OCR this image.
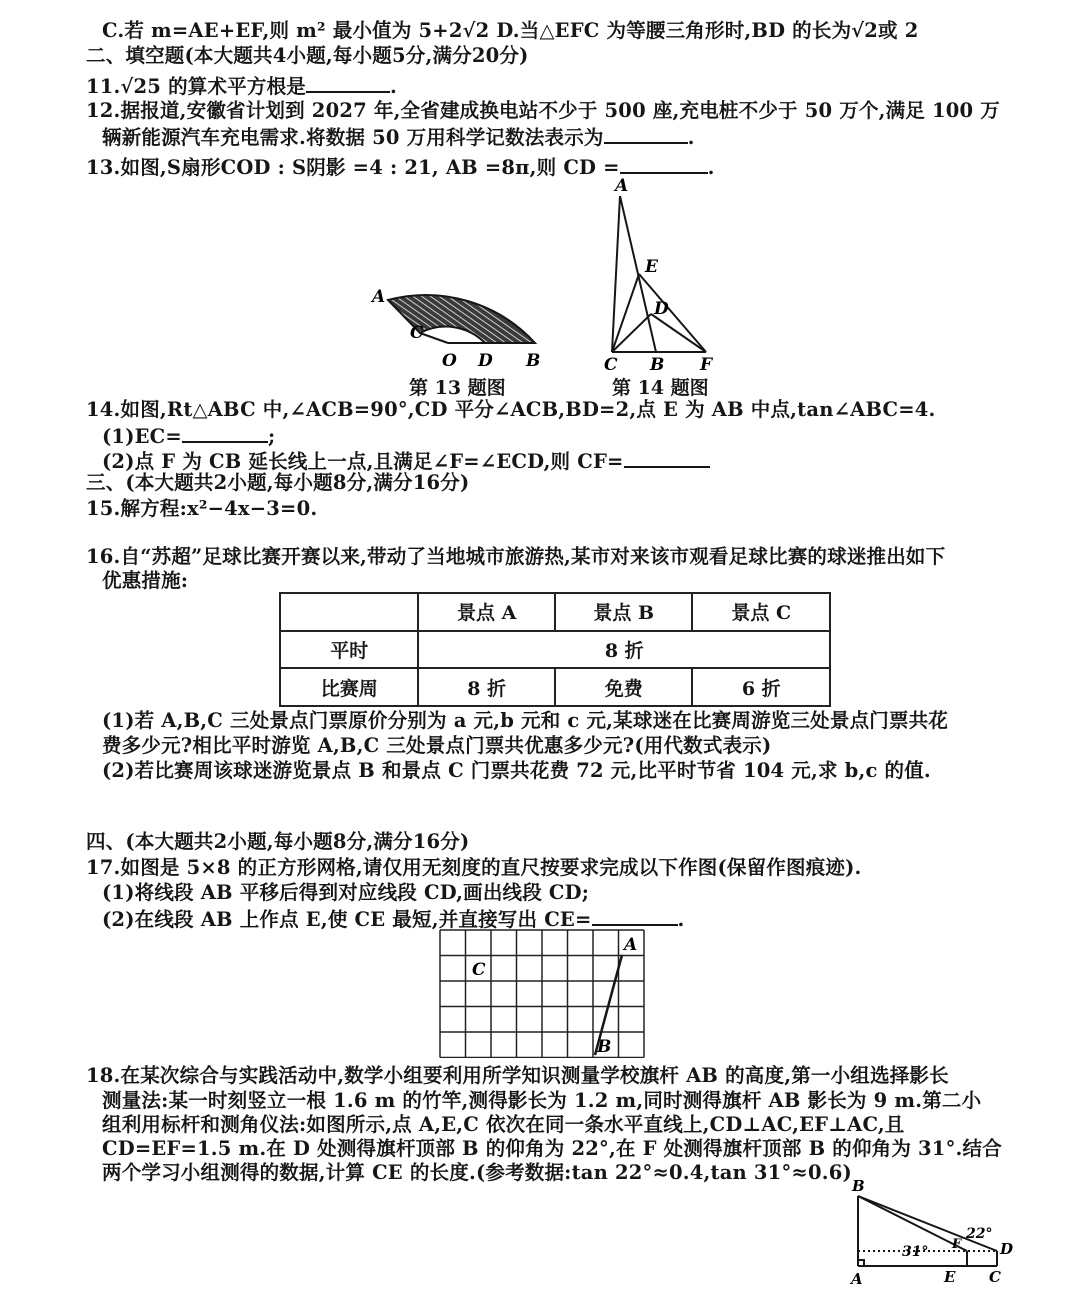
C.若 m=AE+EF,则 m² 最小值为 5+2√2 D.当△EFC 为等腰三角形时,BD 的长为√2或 2
二、填空题(本大题共4小题,每小题5分,满分20分)
11.√25 的算术平方根是	.
12.据报道,安徽省计划到 2027 年,全省建成换电站不少于 500 座,充电桩不少于 50 万个,满足 100 万
辆新能源汽车充电需求.将数据 50 万用科学记数法表示为	.
13.如图,S扇形COD : S阴影 =4 : 21, AB =8π,则 CD =	.
A
C
O D B
第 13 题图
A
E
D
C B F
第 14 题图
14.如图,Rt△ABC 中,∠ACB=90°,CD 平分∠ACB,BD=2,点 E 为 AB 中点,tan∠ABC=4.
(1)EC=	;
(2)点 F 为 CB 延长线上一点,且满足∠F=∠ECD,则 CF=
三、(本大题共2小题,每小题8分,满分16分)
15.解方程:x²−4x−3=0.
16.自“苏超”足球比赛开赛以来,带动了当地城市旅游热,某市对来该市观看足球比赛的球迷推出如下
优惠措施:
	景点 A	景点 B	景点 C
平时	8 折		
比赛周	8 折	免费	6 折
(1)若 A,B,C 三处景点门票原价分别为 a 元,b 元和 c 元,某球迷在比赛周游览三处景点门票共花
费多少元?相比平时游览 A,B,C 三处景点门票共优惠多少元?(用代数式表示)
(2)若比赛周该球迷游览景点 B 和景点 C 门票共花费 72 元,比平时节省 104 元,求 b,c 的值.
四、(本大题共2小题,每小题8分,满分16分)
17.如图是 5×8 的正方形网格,请仅用无刻度的直尺按要求完成以下作图(保留作图痕迹).
(1)将线段 AB 平移后得到对应线段 CD,画出线段 CD;
(2)在线段 AB 上作点 E,使 CE 最短,并直接写出 CE=	.
A
B
C
18.在某次综合与实践活动中,数学小组要利用所学知识测量学校旗杆 AB 的高度,第一小组选择影长
测量法:某一时刻竖立一根 1.6 m 的竹竿,测得影长为 1.2 m,同时测得旗杆 AB 影长为 9 m.第二小
组利用标杆和测角仪法:如图所示,点 A,E,C 依次在同一条水平直线上,CD⊥AC,EF⊥AC,且
CD=EF=1.5 m.在 D 处测得旗杆顶部 B 的仰角为 22°,在 F 处测得旗杆顶部 B 的仰角为 31°.结合
两个学习小组测得的数据,计算 CE 的长度.(参考数据:tan 22°≈0.4,tan 31°≈0.6)
B
A	E C
F	D
31°
22°
